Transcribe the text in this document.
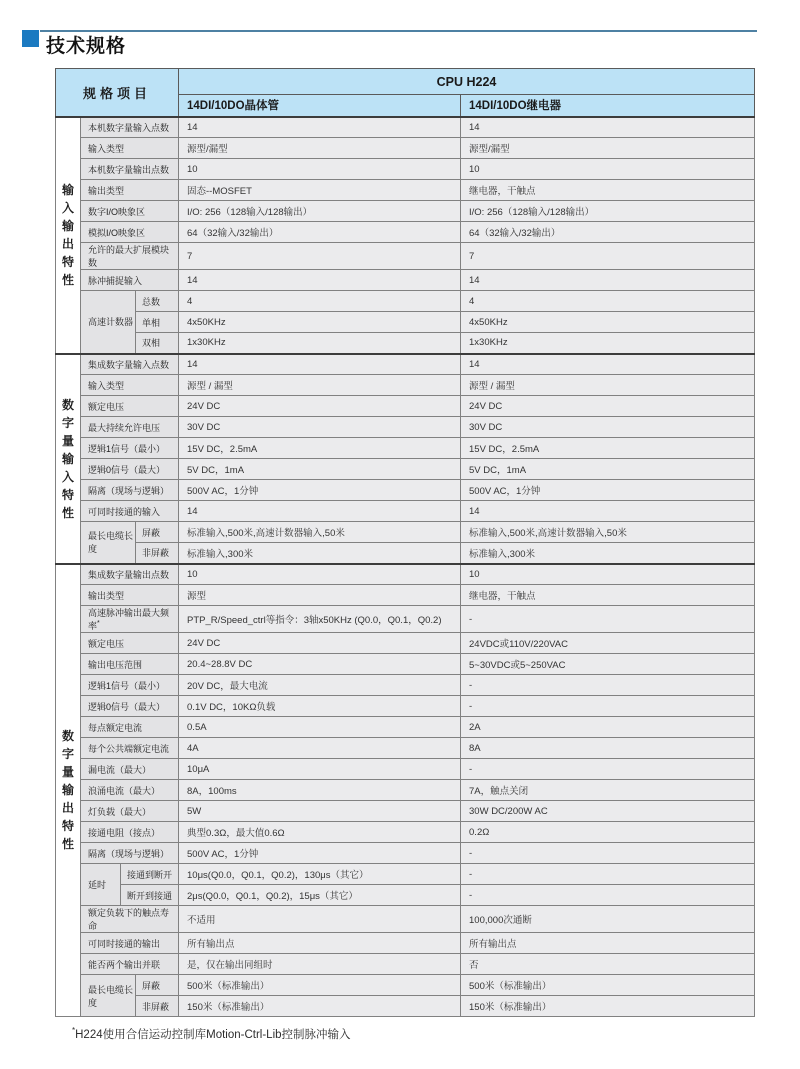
技术规格
规格项目				CPU H224	
				14DI/10DO晶体管	14DI/10DO继电器
输入输出特性	本机数字量输入点数			14	14
	输入类型			源型/漏型	源型/漏型
	本机数字量输出点数			10	10
	输出类型			固态--MOSFET	继电器，干触点
	数字I/O映象区			I/O: 256（128输入/128输出）	I/O: 256（128输入/128输出）
	模拟I/O映象区			64（32输入/32输出）	64（32输入/32输出）
	允许的最大扩展模块数			7	7
	脉冲捕捉输入			14	14
	高速计数器		总数	4	4
			单相	4x50KHz	4x50KHz
			双相	1x30KHz	1x30KHz
数字量输入特性	集成数字量输入点数			14	14
	输入类型			源型 / 漏型	源型 / 漏型
	额定电压			24V DC	24V DC
	最大持续允许电压			30V DC	30V DC
	逻辑1信号（最小）			15V DC，2.5mA	15V DC，2.5mA
	逻辑0信号（最大）			5V DC，1mA	5V DC，1mA
	隔离（现场与逻辑）			500V AC，1分钟	500V AC，1分钟
	可同时接通的输入			14	14
	最长电缆长度		屏蔽	标准输入,500米,高速计数器输入,50米	标准输入,500米,高速计数器输入,50米
			非屏蔽	标准输入,300米	标准输入,300米
数字量输出特性	集成数字量输出点数			10	10
	输出类型			源型	继电器，干触点
	高速脉冲输出最大频率*			PTP_R/Speed_ctrl等指令：3轴x50KHz (Q0.0，Q0.1，Q0.2)	-
	额定电压			24V DC	24VDC或110V/220VAC
	输出电压范围			20.4~28.8V DC	5~30VDC或5~250VAC
	逻辑1信号（最小）			20V DC，最大电流	-
	逻辑0信号（最大）			0.1V DC，10KΩ负载	-
	每点额定电流			0.5A	2A
	每个公共端额定电流			4A	8A
	漏电流（最大）			10μA	-
	浪涌电流（最大）			8A，100ms	7A，触点关闭
	灯负载（最大）			5W	30W DC/200W AC
	接通电阻（接点）			典型0.3Ω，最大值0.6Ω	0.2Ω
	隔离（现场与逻辑）			500V AC，1分钟	-
	延时	接通到断开		10μs(Q0.0，Q0.1，Q0.2)，130μs（其它）	-
		断开到接通		2μs(Q0.0，Q0.1，Q0.2)，15μs（其它）	-
	额定负载下的触点寿命			不适用	100,000次通断
	可同时接通的输出			所有输出点	所有输出点
	能否两个输出并联			是，仅在输出同组时	否
	最长电缆长度		屏蔽	500米（标准输出）	500米（标准输出）
			非屏蔽	150米（标准输出）	150米（标准输出）
*H224使用合信运动控制库Motion-Ctrl-Lib控制脉冲输入
